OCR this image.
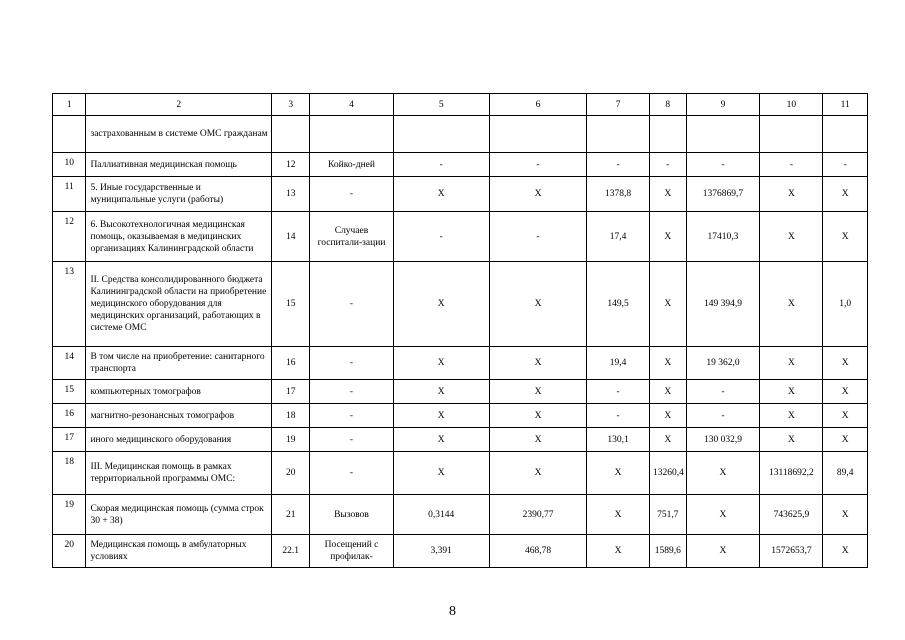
1	2	3	4	5	6	7	8	9	10	11
	застрахованным в системе ОМС гражданам									
10	Паллиативная медицинская помощь	12	Койко-дней	-	-	-	-	-	-	-
11	5. Иные государственные и муниципальные услуги (работы)	13	-	X	X	1378,8	X	1376869,7	X	X
12	6. Высокотехнологичная медицинская помощь, оказываемая в медицинских организациях Калининградской области	14	Случаев госпитали-зации	-	-	17,4	X	17410,3	X	X
13	II. Средства консолидированного бюджета Калининградской области на приобретение медицинского оборудования для медицинских организаций, работающих в системе ОМС	15	-	X	X	149,5	X	149 394,9	X	1,0
14	В том числе на приобретение: санитарного транспорта	16	-	X	X	19,4	X	19 362,0	X	X
15	компьютерных томографов	17	-	X	X	-	X	-	X	X
16	магнитно-резонансных томографов	18	-	X	X	-	X	-	X	X
17	иного медицинского оборудования	19	-	X	X	130,1	X	130 032,9	X	X
18	III. Медицинская помощь в рамках территориальной программы ОМС:	20	-	X	X	X	13260,4	X	13118692,2	89,4
19	Скорая медицинская помощь (сумма строк 30 + 38)	21	Вызовов	0,3144	2390,77	X	751,7	X	743625,9	X
20	Медицинская помощь в амбулаторных условиях	22.1	Посещений с профилак-	3,391	468,78	X	1589,6	X	1572653,7	X
8
